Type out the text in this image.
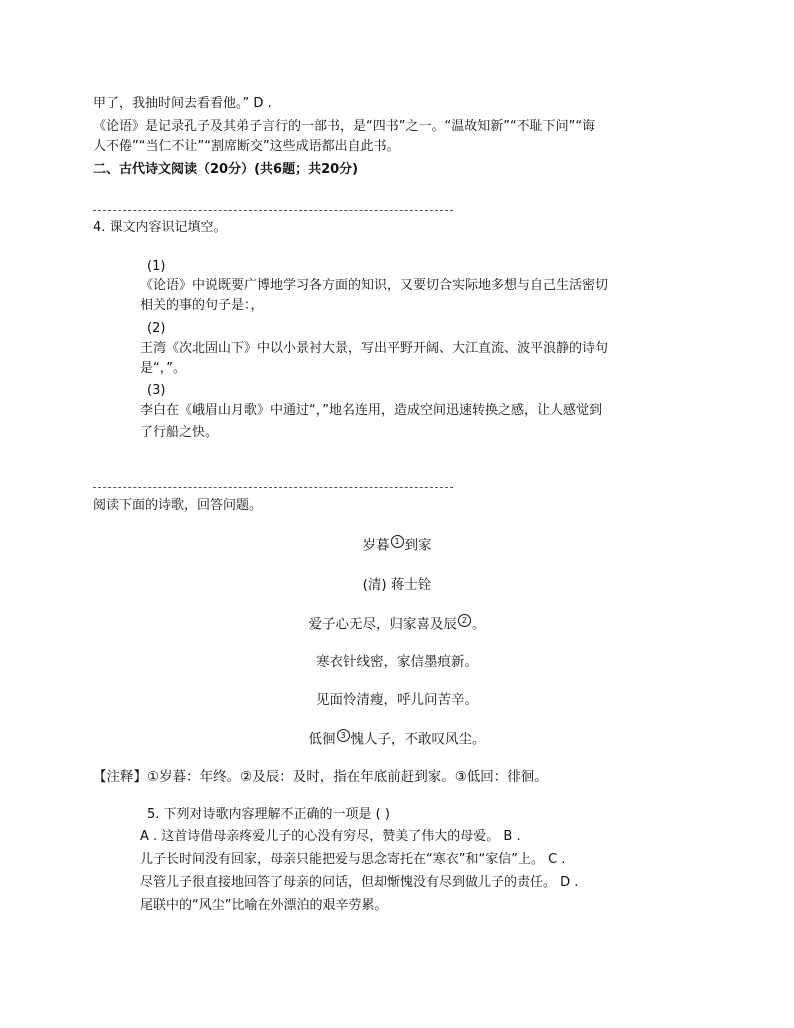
甲了，我抽时间去看看他。” D .
《论语》是记录孔子及其弟子言行的一部书，是“四书”之一。“温故知新”“不耻下问”“诲
人不倦”“当仁不让”“割席断交”这些成语都出自此书。
二、古代诗文阅读（20分）(共6题；共20分)
4. 课文内容识记填空。
(1)
《论语》中说既要广博地学习各方面的知识，又要切合实际地多想与自己生活密切
相关的事的句子是：，
(2)
王湾《次北固山下》中以小景衬大景，写出平野开阔、大江直流、波平浪静的诗句
是“，”。
(3)
李白在《峨眉山月歌》中通过“，”地名连用，造成空间迅速转换之感，让人感觉到
了行船之快。
阅读下面的诗歌，回答问题。
岁暮 1 到家
(清) 蒋士铨
爱子心无尽，归家喜及辰 2 。
寒衣针线密，家信墨痕新。
见面怜清瘦，呼儿问苦辛。
低徊 3 愧人子，不敢叹风尘。
【注释】①岁暮：年终。②及辰：及时，指在年底前赶到家。③低回：徘徊。
5. 下列对诗歌内容理解不正确的一项是 ( )
A . 这首诗借母亲疼爱儿子的心没有穷尽，赞美了伟大的母爱。 B .
儿子长时间没有回家，母亲只能把爱与思念寄托在“寒衣”和“家信”上。 C .
尽管儿子很直接地回答了母亲的问话，但却惭愧没有尽到做儿子的责任。 D .
尾联中的“风尘”比喻在外漂泊的艰辛劳累。
